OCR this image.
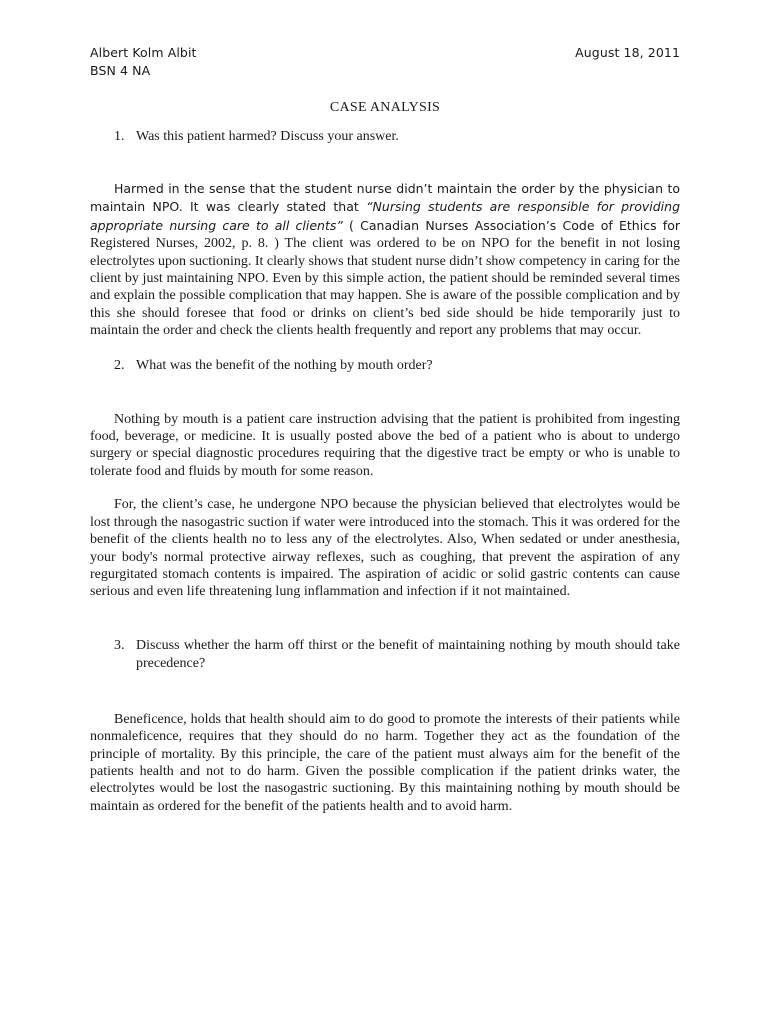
Albert Kolm Albit
BSN 4 NA
August 18, 2011
CASE ANALYSIS
1. Was this patient harmed? Discuss your answer.

Harmed in the sense that the student nurse didn’t maintain the order by the physician to maintain NPO. It was clearly stated that “Nursing students are responsible for providing appropriate nursing care to all clients” ( Canadian Nurses Association’s Code of Ethics for Registered Nurses, 2002, p. 8. ) The client was ordered to be on NPO for the benefit in not losing electrolytes upon suctioning. It clearly shows that student nurse didn’t show competency in caring for the client by just maintaining NPO. Even by this simple action, the patient should be reminded several times and explain the possible complication that may happen. She is aware of the possible complication and by this she should foresee that food or drinks on client’s bed side should be hide temporarily just to maintain the order and check the clients health frequently and report any problems that may occur.

2. What was the benefit of the nothing by mouth order?

Nothing by mouth is a patient care instruction advising that the patient is prohibited from ingesting food, beverage, or medicine. It is usually posted above the bed of a patient who is about to undergo surgery or special diagnostic procedures requiring that the digestive tract be empty or who is unable to tolerate food and fluids by mouth for some reason.

For, the client’s case, he undergone NPO because the physician believed that electrolytes would be lost through the nasogastric suction if water were introduced into the stomach. This it was ordered for the benefit of the clients health no to less any of the electrolytes. Also, When sedated or under anesthesia, your body's normal protective airway reflexes, such as coughing, that prevent the aspiration of any regurgitated stomach contents is impaired. The aspiration of acidic or solid gastric contents can cause serious and even life threatening lung inflammation and infection if it not maintained.

3. Discuss whether the harm off thirst or the benefit of maintaining nothing by mouth should take precedence?

Beneficence, holds that health should aim to do good to promote the interests of their patients while nonmaleficence, requires that they should do no harm. Together they act as the foundation of the principle of mortality. By this principle, the care of the patient must always aim for the benefit of the patients health and not to do harm. Given the possible complication if the patient drinks water, the electrolytes would be lost the nasogastric suctioning. By this maintaining nothing by mouth should be maintain as ordered for the benefit of the patients health and to avoid harm.
